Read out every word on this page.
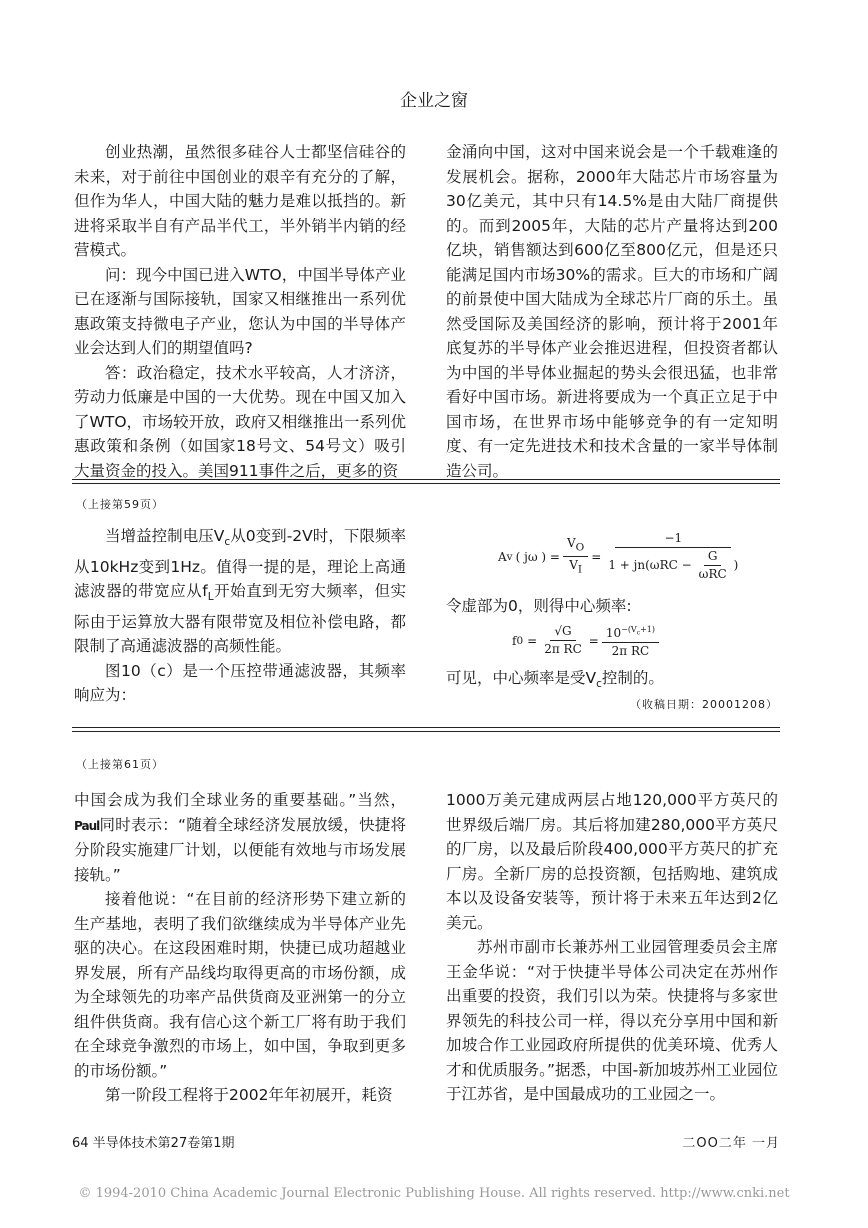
企业之窗

创业热潮，虽然很多硅谷人士都坚信硅谷的未来，对于前往中国创业的艰辛有充分的了解，但作为华人，中国大陆的魅力是难以抵挡的。新进将采取半自有产品半代工，半外销半内销的经营模式。

问：现今中国已进入WTO，中国半导体产业已在逐渐与国际接轨，国家又相继推出一系列优惠政策支持微电子产业，您认为中国的半导体产业会达到人们的期望值吗?

答：政治稳定，技术水平较高，人才济济，劳动力低廉是中国的一大优势。现在中国又加入了WTO，市场较开放，政府又相继推出一系列优惠政策和条例（如国家18号文、54号文）吸引大量资金的投入。美国911事件之后，更多的资

金涌向中国，这对中国来说会是一个千载难逢的发展机会。据称，2000年大陆芯片市场容量为30亿美元，其中只有14.5%是由大陆厂商提供的。而到2005年，大陆的芯片产量将达到200亿块，销售额达到600亿至800亿元，但是还只能满足国内市场30%的需求。巨大的市场和广阔的前景使中国大陆成为全球芯片厂商的乐土。虽然受国际及美国经济的影响，预计将于2001年底复苏的半导体产业会推迟进程，但投资者都认为中国的半导体业掘起的势头会很迅猛，也非常看好中国市场。新进将要成为一个真正立足于中国市场，在世界市场中能够竞争的有一定知明度、有一定先进技术和技术含量的一家半导体制造公司。

（上接第59页）

当增益控制电压$V_c$从0变到-2V时，下限频率从10kHz变到1Hz。值得一提的是，理论上高通滤波器的带宽应从$f_L$开始直到无穷大频率，但实际由于运算放大器有限带宽及相位补偿电路，都限制了高通滤波器的高频性能。

图10（c）是一个压控带通滤波器，其频率响应为：

A v ( jω ) = $\frac{V_O}{V_I} = \frac{-1}{1 + jn(\omega RC - \frac{G}{\text{ωRC}} )}$
令虚部为0，则得中心频率:
f $0 = \frac{√G}{\text{2π RC}} = \frac{10^{-(V_c+1)}}{\text{2π RC}}$
可见，中心频率是受$V_c$控制的。
（收稿日期：20001208）
（上接第61页）

中国会成为我们全球业务的重要基础。”当然，Paul同时表示：“随着全球经济发展放缓，快捷将分阶段实施建厂计划，以便能有效地与市场发展接轨。”

接着他说：“在目前的经济形势下建立新的生产基地，表明了我们欲继续成为半导体产业先驱的决心。在这段困难时期，快捷已成功超越业界发展，所有产品线均取得更高的市场份额，成为全球领先的功率产品供货商及亚洲第一的分立组件供货商。我有信心这个新工厂将有助于我们在全球竞争激烈的市场上，如中国，争取到更多的市场份额。”

第一阶段工程将于2002年年初展开，耗资

1000万美元建成两层占地120,000平方英尺的世界级后端厂房。其后将加建280,000平方英尺的厂房，以及最后阶段400,000平方英尺的扩充厂房。全新厂房的总投资额，包括购地、建筑成本以及设备安装等，预计将于未来五年达到2亿美元。

苏州市副市长兼苏州工业园管理委员会主席王金华说：“对于快捷半导体公司决定在苏州作出重要的投资，我们引以为荣。快捷将与多家世界领先的科技公司一样，得以充分享用中国和新加坡合作工业园政府所提供的优美环境、优秀人才和优质服务。”据悉，中国-新加坡苏州工业园位于江苏省，是中国最成功的工业园之一。

64 半导体技术第27卷第1期	二OO二年 一月
© 1994-2010 China Academic Journal Electronic Publishing House. All rights reserved. http://www.cnki.net
